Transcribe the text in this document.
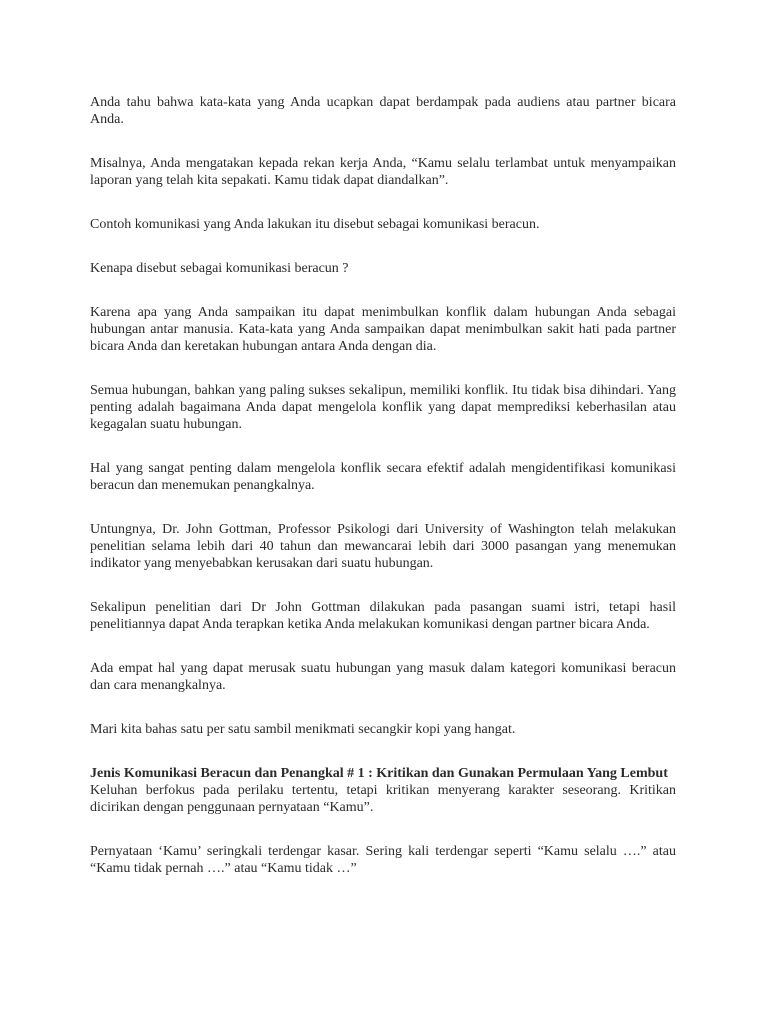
Anda tahu bahwa kata-kata yang Anda ucapkan dapat berdampak pada audiens atau partner bicara Anda.

Misalnya, Anda mengatakan kepada rekan kerja Anda, “Kamu selalu terlambat untuk menyampaikan laporan yang telah kita sepakati. Kamu tidak dapat diandalkan”.

Contoh komunikasi yang Anda lakukan itu disebut sebagai komunikasi beracun.

Kenapa disebut sebagai komunikasi beracun ?

Karena apa yang Anda sampaikan itu dapat menimbulkan konflik dalam hubungan Anda sebagai hubungan antar manusia. Kata-kata yang Anda sampaikan dapat menimbulkan sakit hati pada partner bicara Anda dan keretakan hubungan antara Anda dengan dia.

Semua hubungan, bahkan yang paling sukses sekalipun, memiliki konflik. Itu tidak bisa dihindari. Yang penting adalah bagaimana Anda dapat mengelola konflik yang dapat memprediksi keberhasilan atau kegagalan suatu hubungan.

Hal yang sangat penting dalam mengelola konflik secara efektif adalah mengidentifikasi komunikasi beracun dan menemukan penangkalnya.

Untungnya, Dr. John Gottman, Professor Psikologi dari University of Washington telah melakukan penelitian selama lebih dari 40 tahun dan mewancarai lebih dari 3000 pasangan yang menemukan indikator yang menyebabkan kerusakan dari suatu hubungan.

Sekalipun penelitian dari Dr John Gottman dilakukan pada pasangan suami istri, tetapi hasil penelitiannya dapat Anda terapkan ketika Anda melakukan komunikasi dengan partner bicara Anda.

Ada empat hal yang dapat merusak suatu hubungan yang masuk dalam kategori komunikasi beracun dan cara menangkalnya.

Mari kita bahas satu per satu sambil menikmati secangkir kopi yang hangat.

Jenis Komunikasi Beracun dan Penangkal # 1 : Kritikan dan Gunakan Permulaan Yang Lembut

Keluhan berfokus pada perilaku tertentu, tetapi kritikan menyerang karakter seseorang. Kritikan dicirikan dengan penggunaan pernyataan “Kamu”.

Pernyataan ‘Kamu’ seringkali terdengar kasar. Sering kali terdengar seperti “Kamu selalu ….” atau “Kamu tidak pernah ….” atau “Kamu tidak …”
